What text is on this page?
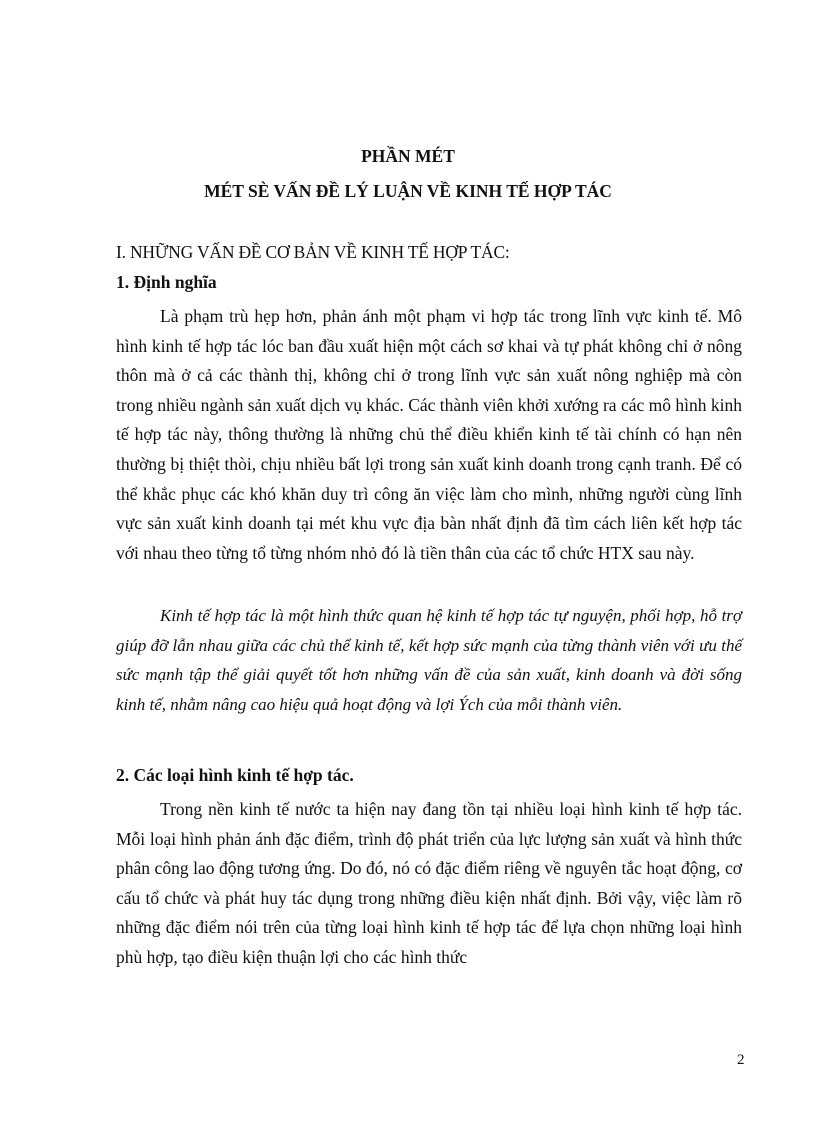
PHẦN MÉT
MÉT SÈ VẤN ĐỀ LÝ LUẬN VỀ KINH TẾ HỢP TÁC

I. NHỮNG VẤN ĐỀ CƠ BẢN VỀ KINH TẾ HỢP TÁC:

1. Định nghĩa

Là phạm trù hẹp hơn, phản ánh một phạm vi hợp tác trong lĩnh vực kinh tế. Mô hình kinh tế hợp tác lóc ban đầu xuất hiện một cách sơ khai và tự phát không chỉ ở nông thôn mà ở cả các thành thị, không chỉ ở trong lĩnh vực sản xuất nông nghiệp mà còn trong nhiều ngành sản xuất dịch vụ khác. Các thành viên khởi xướng ra các mô hình kinh tế hợp tác này, thông thường là những chủ thể điều khiển kinh tế tài chính có hạn nên thường bị thiệt thòi, chịu nhiều bất lợi trong sản xuất kinh doanh trong cạnh tranh. Để có thể khắc phục các khó khăn duy trì công ăn việc làm cho mình, những người cùng lĩnh vực sản xuất kinh doanh tại mét khu vực địa bàn nhất định đã tìm cách liên kết hợp tác với nhau theo từng tổ từng nhóm nhỏ đó là tiền thân của các tổ chức HTX sau này.

Kinh tế hợp tác là một hình thức quan hệ kinh tế hợp tác tự nguyện, phối hợp, hỗ trợ giúp đỡ lẫn nhau giữa các chủ thể kinh tế, kết hợp sức mạnh của từng thành viên với ưu thế sức mạnh tập thể giải quyết tốt hơn những vấn đề của sản xuất, kinh doanh và đời sống kinh tế, nhằm nâng cao hiệu quả hoạt động và lợi Ých của mỗi thành viên.

2. Các loại hình kinh tế hợp tác.

Trong nền kinh tế nước ta hiện nay đang tồn tại nhiều loại hình kinh tế hợp tác. Mỗi loại hình phản ánh đặc điểm, trình độ phát triển của lực lượng sản xuất và hình thức phân công lao động tương ứng. Do đó, nó có đặc điểm riêng về nguyên tắc hoạt động, cơ cấu tổ chức và phát huy tác dụng trong những điều kiện nhất định. Bởi vậy, việc làm rõ những đặc điểm nói trên của từng loại hình kinh tế hợp tác để lựa chọn những loại hình phù hợp, tạo điều kiện thuận lợi cho các hình thức

2
